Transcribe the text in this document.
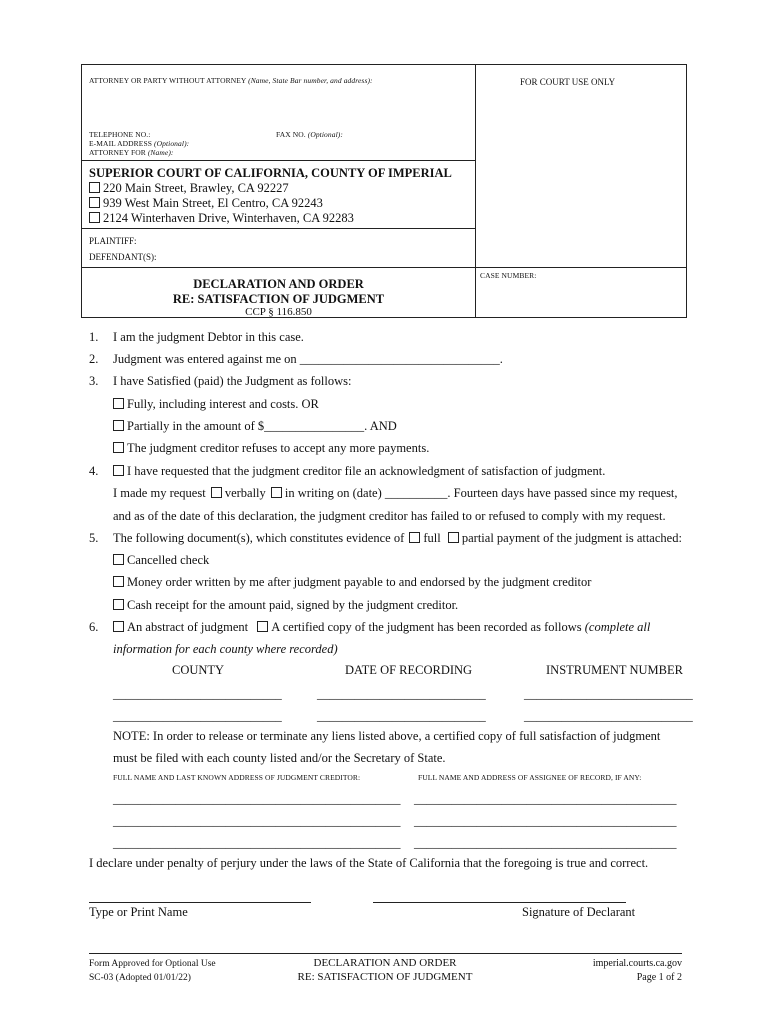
ATTORNEY OR PARTY WITHOUT ATTORNEY (Name, State Bar number, and address):	FOR COURT USE ONLY
TELEPHONE NO.:	FAX NO. (Optional):
E-MAIL ADDRESS (Optional):
ATTORNEY FOR (Name):
SUPERIOR COURT OF CALIFORNIA, COUNTY OF IMPERIAL
220 Main Street, Brawley, CA 92227
939 West Main Street, El Centro, CA 92243
2124 Winterhaven Drive, Winterhaven, CA 92283
PLAINTIFF:
DEFENDANT(S):
CASE NUMBER:
DECLARATION AND ORDER
RE: SATISFACTION OF JUDGMENT
CCP § 116.850
1. I am the judgment Debtor in this case.
2. Judgment was entered against me on ________________________________.
3. I have Satisfied (paid) the Judgment as follows:
Fully, including interest and costs. OR
Partially in the amount of $________________. AND
The judgment creditor refuses to accept any more payments.
4.	I have requested that the judgment creditor file an acknowledgment of satisfaction of judgment.
I made my request verbally in writing on (date) __________. Fourteen days have passed since my request,
and as of the date of this declaration, the judgment creditor has failed to or refused to comply with my request.
5. The following document(s), which constitutes evidence of full partial payment of the judgment is attached:
Cancelled check
Money order written by me after judgment payable to and endorsed by the judgment creditor
Cash receipt for the amount paid, signed by the judgment creditor.
6.	An abstract of judgment A certified copy of the judgment has been recorded as follows (complete all
information for each county where recorded)
COUNTY	DATE OF RECORDING	INSTRUMENT NUMBER
___________________________	___________________________	___________________________
___________________________	___________________________	___________________________
NOTE: In order to release or terminate any liens listed above, a certified copy of full satisfaction of judgment
must be filed with each county listed and/or the Secretary of State.
FULL NAME AND LAST KNOWN ADDRESS OF JUDGMENT CREDITOR:	FULL NAME AND ADDRESS OF ASSIGNEE OF RECORD, IF ANY:
______________________________________________ __________________________________________
______________________________________________ __________________________________________
______________________________________________ __________________________________________
I declare under penalty of perjury under the laws of the State of California that the foregoing is true and correct.
Type or Print Name	Signature of Declarant
Form Approved for Optional Use
SC-03 (Adopted 01/01/22)
DECLARATION AND ORDER
RE: SATISFACTION OF JUDGMENT
imperial.courts.ca.gov
Page 1 of 2
